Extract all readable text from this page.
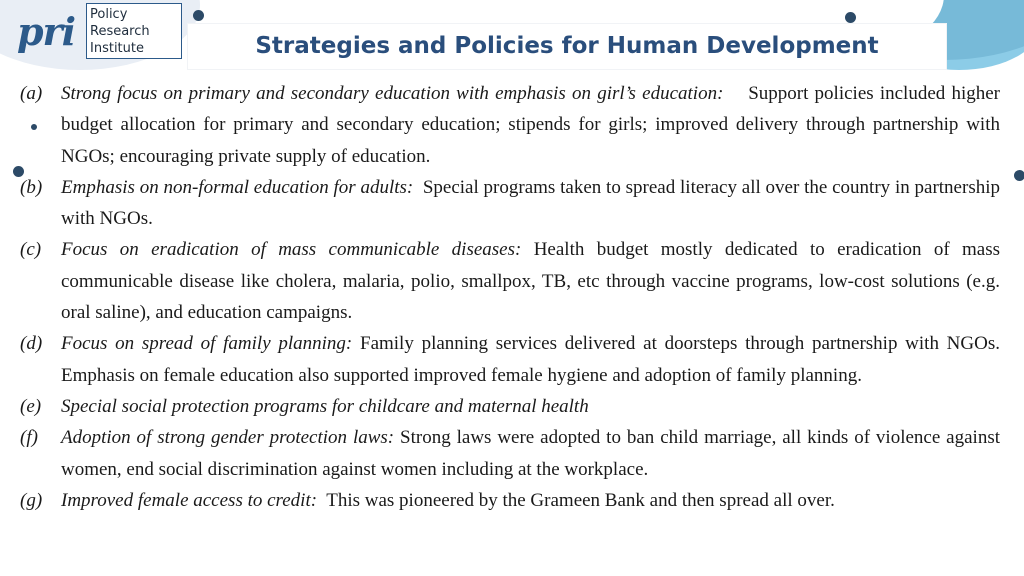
pri	Policy
Research
Institute	Strategies and Policies for Human Development
(a) Strong focus on primary and secondary education with emphasis on girl’s education: Support policies included higher budget allocation for primary and secondary education; stipends for girls; improved delivery through partnership with NGOs; encouraging private supply of education.
(b) Emphasis on non-formal education for adults: Special programs taken to spread literacy all over the country in partnership with NGOs.
(c)	Focus on eradication of mass communicable diseases: Health budget mostly dedicated to eradication of mass communicable disease like cholera, malaria, polio, smallpox, TB, etc through vaccine programs, low-cost solutions (e.g. oral saline), and education campaigns.
(d) Focus on spread of family planning: Family planning services delivered at doorsteps through partnership with NGOs. Emphasis on female education also supported improved female hygiene and adoption of family planning.
(e)	Special social protection programs for childcare and maternal health
(f)	Adoption of strong gender protection laws: Strong laws were adopted to ban child marriage, all kinds of violence against women, end social discrimination against women including at the workplace.
(g) Improved female access to credit: This was pioneered by the Grameen Bank and then spread all over.
